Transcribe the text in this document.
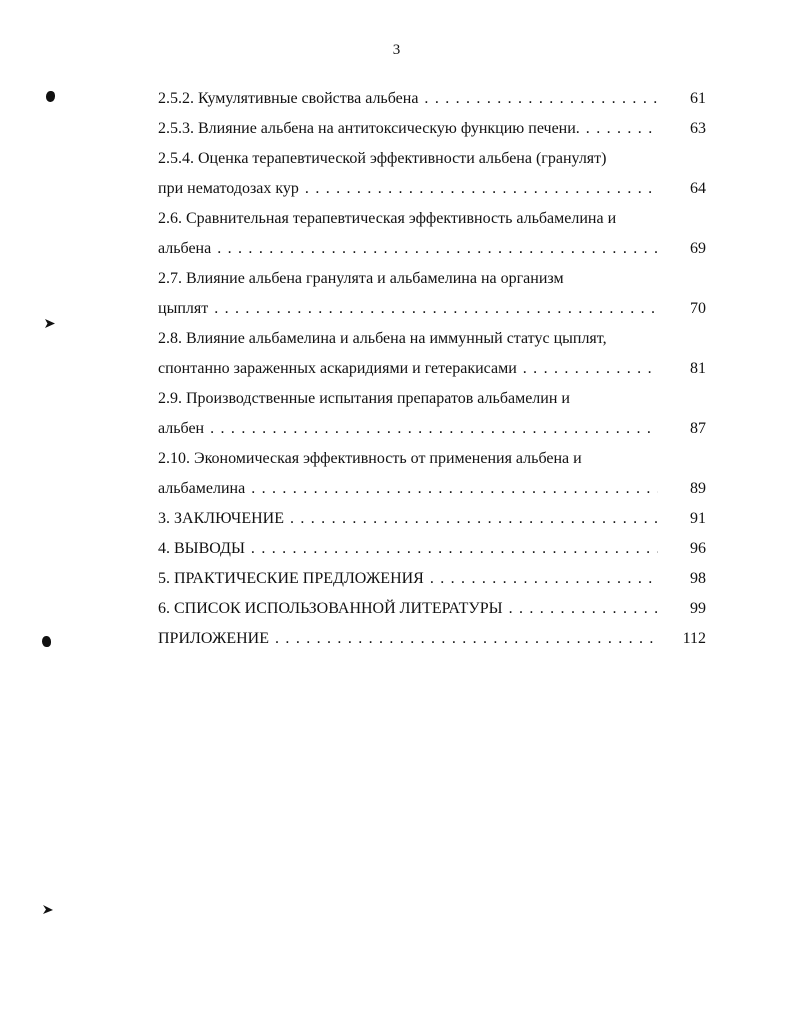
3
2.5.2. Кумулятивные свойства альбена . . .	61
2.5.3. Влияние альбена на антитоксическую функцию печени. . . .	63
2.5.4. Оценка терапевтической эффективности альбена (гранулят)
при нематодозах кур . . .	64
2.6. Сравнительная терапевтическая эффективность альбамелина и
альбена . . .	69
2.7. Влияние альбена гранулята и альбамелина на организм
цыплят . . .	70
2.8. Влияние альбамелина и альбена на иммунный статус цыплят,
спонтанно зараженных аскаридиями и гетеракисами . . .	81
2.9. Производственные испытания препаратов альбамелин и
альбен . . .	87
2.10. Экономическая эффективность от применения альбена и
альбамелина . . .	89
3. ЗАКЛЮЧЕНИЕ . . .	91
4. ВЫВОДЫ . . .	96
5. ПРАКТИЧЕСКИЕ ПРЕДЛОЖЕНИЯ . . .	98
6. СПИСОК ИСПОЛЬЗОВАННОЙ ЛИТЕРАТУРЫ . . .	99
ПРИЛОЖЕНИЕ . . .	112
